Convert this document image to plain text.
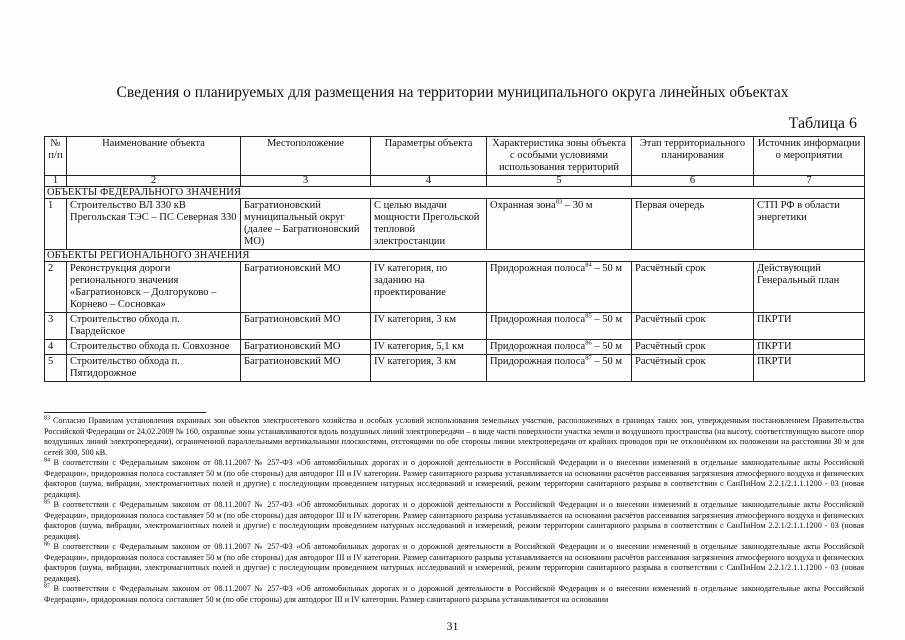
Сведения о планируемых для размещения на территории муниципального округа линейных объектах
Таблица 6
№ п/п	Наименование объекта	Местоположение	Параметры объекта	Характеристика зоны объекта с особыми условиями использования территорий	Этап территориального планирования	Источник информации о мероприятии
1	2	3	4	5	6	7
ОБЪЕКТЫ ФЕДЕРАЛЬНОГО ЗНАЧЕНИЯ						
1	Строительство ВЛ 330 кВ Прегольская ТЭС – ПС Северная 330	Багратионовский муниципальный округ (далее – Багратионовский МО)	С целью выдачи мощности Прегольской тепловой электростанции	Охранная зона$^{83}$ – 30 м	Первая очередь	СТП РФ в области энергетики
ОБЪЕКТЫ РЕГИОНАЛЬНОГО ЗНАЧЕНИЯ						
2	Реконструкция дороги регионального значения «Багратионовск – Долгоруково – Корнево – Сосновка»	Багратионовский МО	IV категория, по заданию на проектирование	Придорожная полоса$^{84}$ – 50 м	Расчётный срок	Действующий Генеральный план
3	Строительство обхода п. Гвардейское	Багратионовский МО	IV категория, 3 км	Придорожная полоса$^{85}$ – 50 м	Расчётный срок	ПКРТИ
4	Строительство обхода п. Совхозное	Багратионовский МО	IV категория, 5,1 км	Придорожная полоса$^{86}$ – 50 м	Расчётный срок	ПКРТИ
5	Строительство обхода п. Пятидорожное	Багратионовский МО	IV категория, 3 км	Придорожная полоса$^{87}$ – 50 м	Расчётный срок	ПКРТИ

$^{83}$ Согласно Правилам установления охранных зон объектов электросетевого хозяйства и особых условий использования земельных участков, расположенных в границах таких зон, утвержденным постановлением Правительства Российской Федерации от 24.02.2009 № 160, охранные зоны устанавливаются вдоль воздушных линий электропередачи – в виде части поверхности участка земли и воздушного пространства (на высоту, соответствующую высоте опор воздушных линий электропередачи), ограниченной параллельными вертикальными плоскостями, отстоящими по обе стороны линии электропередачи от крайних проводов при не отклонённом их положении на расстоянии 30 м для сетей 300, 500 кВ.

$^{84}$ В соответствии с Федеральным законом от 08.11.2007 № 257-ФЗ «Об автомобильных дорогах и о дорожной деятельности в Российской Федерации и о внесении изменений в отдельные законодательные акты Российской Федерации», придорожная полоса составляет 50 м (по обе стороны) для автодорог III и IV категории. Размер санитарного разрыва устанавливается на основании расчётов рассеивания загрязнения атмосферного воздуха и физических факторов (шума, вибрации, электромагнитных полей и другие) с последующим проведением натурных исследований и измерений, режим территории санитарного разрыва в соответствии с СанПиНом 2.2.1/2.1.1.1200 - 03 (новая редакция).

$^{85}$ В соответствии с Федеральным законом от 08.11.2007 № 257-ФЗ «Об автомобильных дорогах и о дорожной деятельности в Российской Федерации и о внесении изменений в отдельные законодательные акты Российской Федерации», придорожная полоса составляет 50 м (по обе стороны) для автодорог III и IV категории. Размер санитарного разрыва устанавливается на основании расчётов рассеивания загрязнения атмосферного воздуха и физических факторов (шума, вибрации, электромагнитных полей и другие) с последующим проведением натурных исследований и измерений, режим территории санитарного разрыва в соответствии с СанПиНом 2.2.1/2.1.1.1200 - 03 (новая редакция).

$^{86}$ В соответствии с Федеральным законом от 08.11.2007 № 257-ФЗ «Об автомобильных дорогах и о дорожной деятельности в Российской Федерации и о внесении изменений в отдельные законодательные акты Российской Федерации», придорожная полоса составляет 50 м (по обе стороны) для автодорог III и IV категории. Размер санитарного разрыва устанавливается на основании расчётов рассеивания загрязнения атмосферного воздуха и физических факторов (шума, вибрации, электромагнитных полей и другие) с последующим проведением натурных исследований и измерений, режим территории санитарного разрыва в соответствии с СанПиНом 2.2.1/2.1.1.1200 - 03 (новая редакция).

$^{87}$ В соответствии с Федеральным законом от 08.11.2007 № 257-ФЗ «Об автомобильных дорогах и о дорожной деятельности в Российской Федерации и о внесении изменений в отдельные законодательные акты Российской Федерации», придорожная полоса составляет 50 м (по обе стороны) для автодорог III и IV категории. Размер санитарного разрыва устанавливается на основании

31
